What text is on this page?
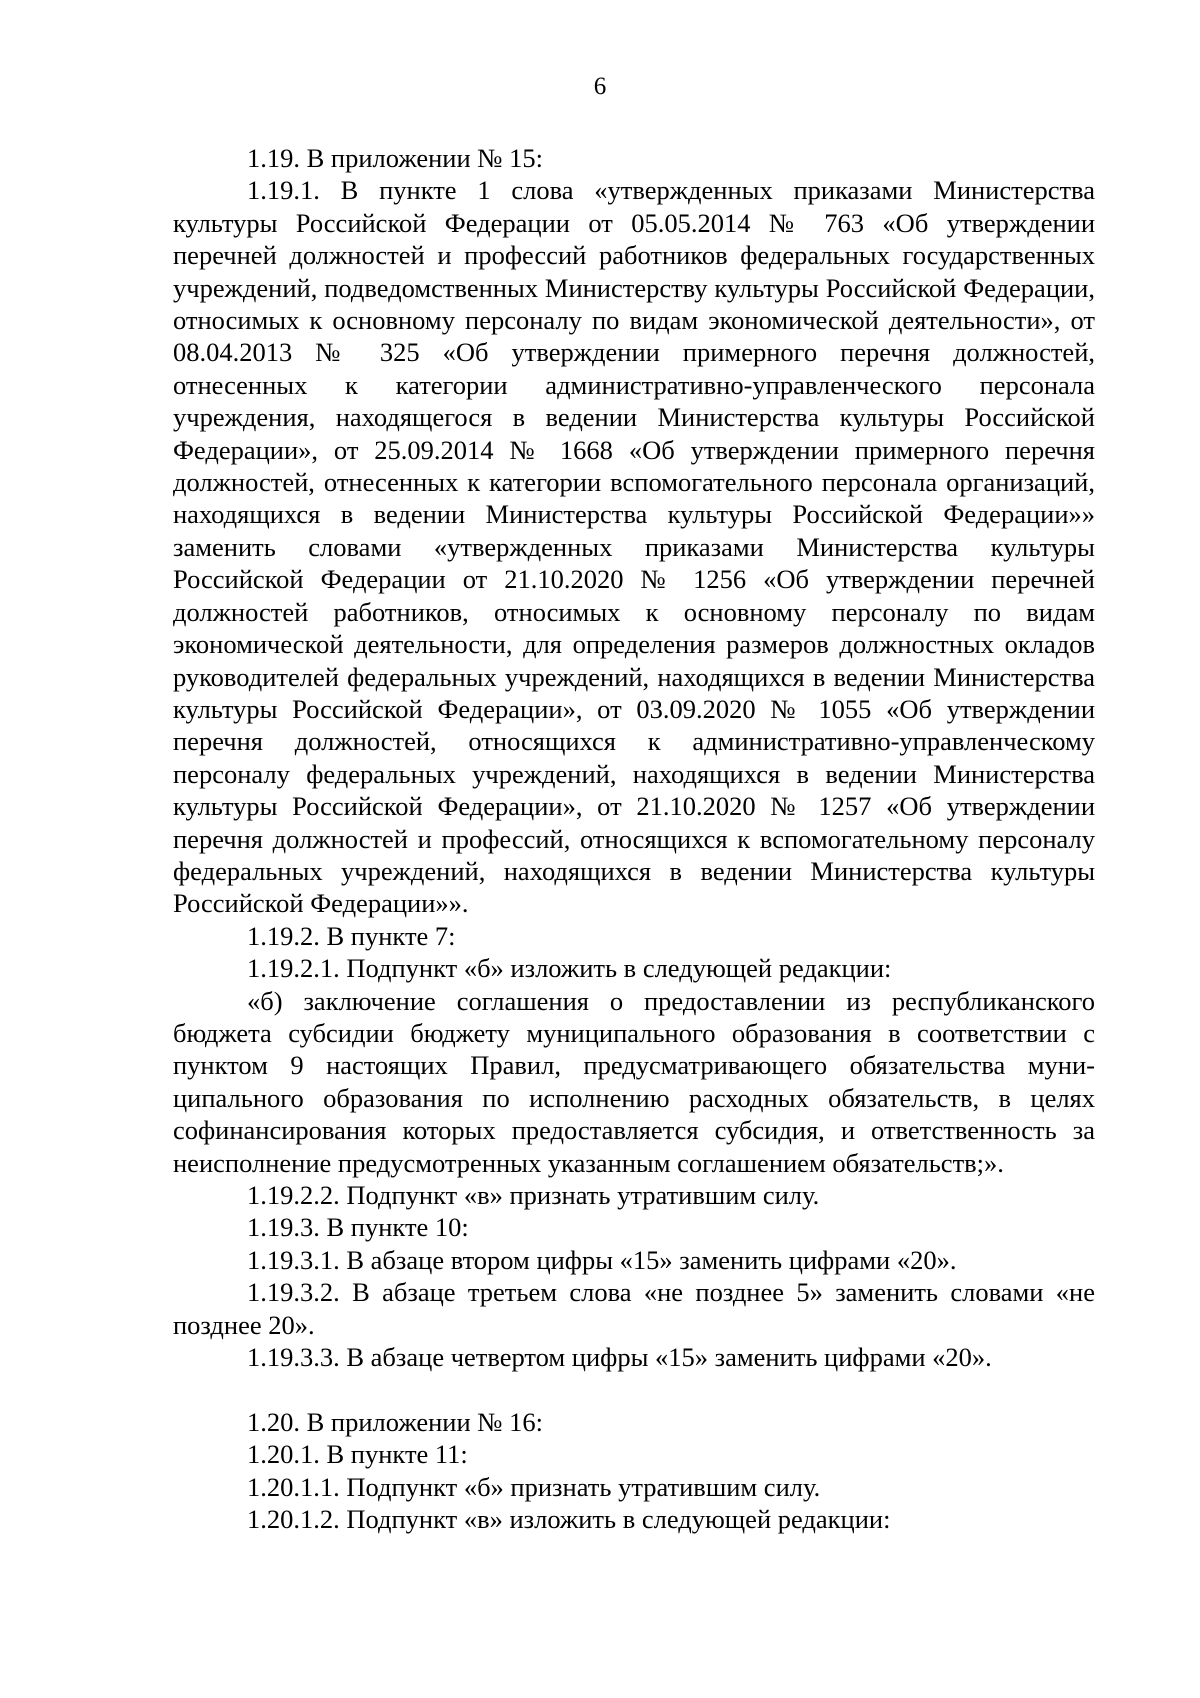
6

1.19. В приложении № 15:

1.19.1. В пункте 1 слова «утвержденных приказами Министерства культуры Российской Федерации от 05.05.2014 № 763 «Об утверждении перечней должностей и профессий работников федеральных государственных учреждений, подведомственных Министерству культуры Российской Федерации, относимых к основному персоналу по видам экономической деятельности», от 08.04.2013 № 325 «Об утверждении примерного перечня должностей, отнесенных к категории административно-управленческого персонала учреждения, находящегося в ведении Министерства культуры Российской Федерации», от 25.09.2014 № 1668 «Об утверждении примерного перечня должностей, отнесенных к категории вспомогательного персонала организаций, находящихся в ведении Министерства культуры Российской Федерации»» заменить словами «утвержденных приказами Министерства культуры Российской Федерации от 21.10.2020 № 1256 «Об утверждении перечней должностей работников, относимых к основному персоналу по видам экономической деятельности, для определения размеров должностных окладов руководителей федеральных учреждений, находящихся в ведении Министерства культуры Российской Федерации», от 03.09.2020 № 1055 «Об утверждении перечня должностей, относящихся к административно-управленческому персоналу федеральных учреждений, находящихся в ведении Министерства культуры Российской Федерации», от 21.10.2020 № 1257 «Об утверждении перечня должностей и профессий, относящихся к вспомогательному персоналу федеральных учреждений, находящихся в ведении Министерства культуры Российской Федерации»».

1.19.2. В пункте 7:

1.19.2.1. Подпункт «б» изложить в следующей редакции:

«б) заключение соглашения о предоставлении из республиканского бюджета субсидии бюджету муниципального образования в соответствии с пунктом 9 настоящих Правил, предусматривающего обязательства муниципального образования по исполнению расходных обязательств, в целях софинансирования которых предоставляется субсидия, и ответственность за неисполнение предусмотренных указанным соглашением обязательств;».

1.19.2.2. Подпункт «в» признать утратившим силу.

1.19.3. В пункте 10:

1.19.3.1. В абзаце втором цифры «15» заменить цифрами «20».

1.19.3.2. В абзаце третьем слова «не позднее 5» заменить словами «не позднее 20».

1.19.3.3. В абзаце четвертом цифры «15» заменить цифрами «20».

1.20. В приложении № 16:

1.20.1. В пункте 11:

1.20.1.1. Подпункт «б» признать утратившим силу.

1.20.1.2. Подпункт «в» изложить в следующей редакции:
